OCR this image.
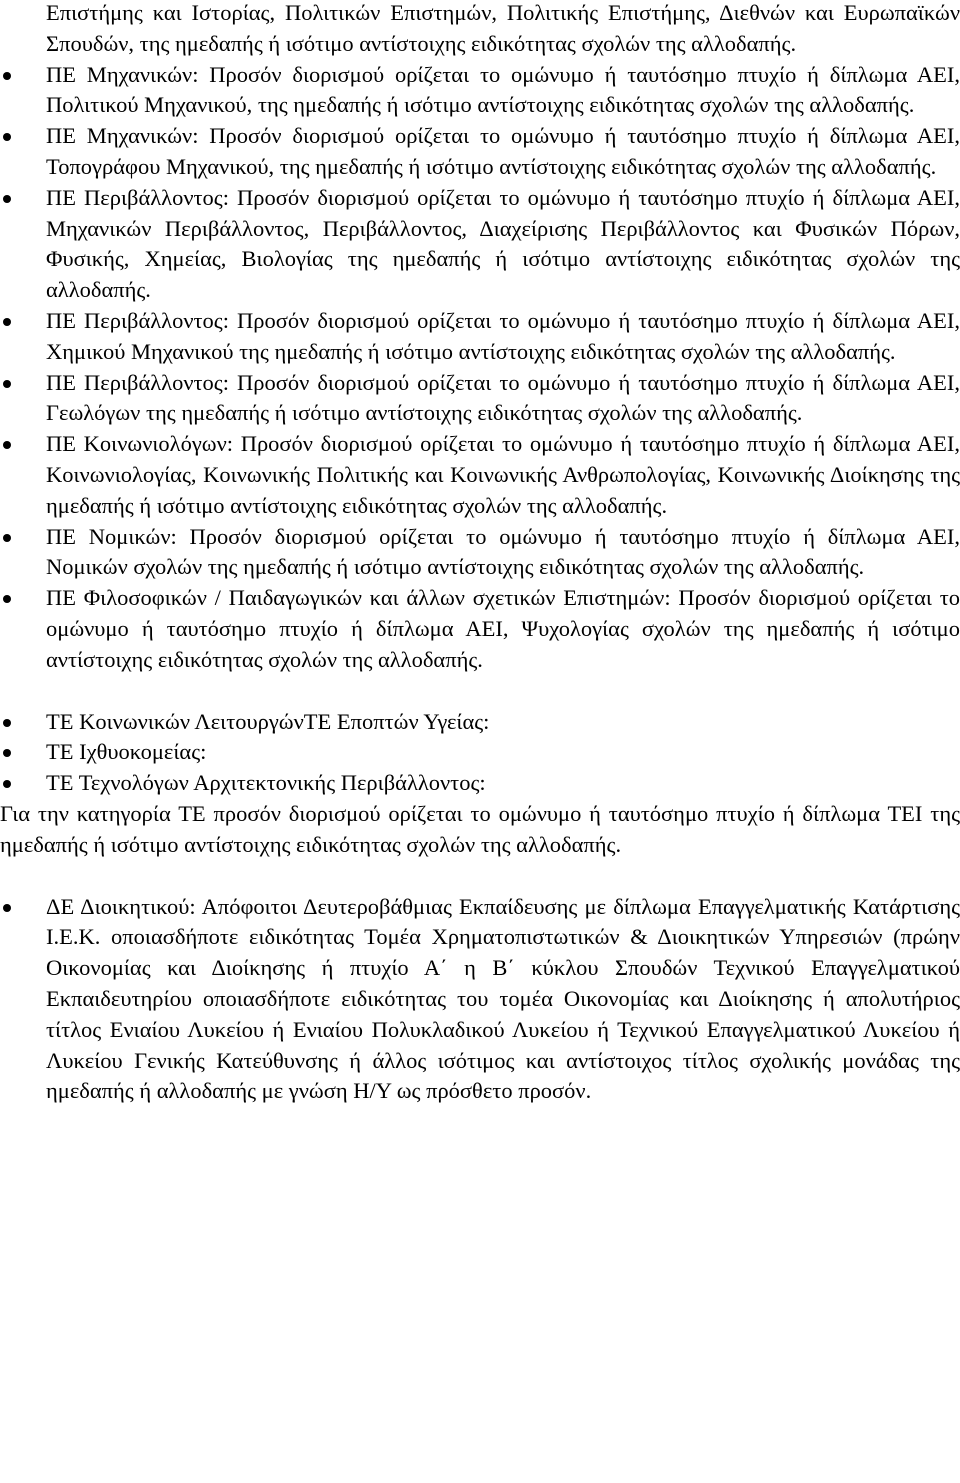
Επιστήμης και Ιστορίας, Πολιτικών Επιστημών, Πολιτικής Επιστήμης, Διεθνών και Ευρωπαϊκών Σπουδών, της ημεδαπής ή ισότιμο αντίστοιχης ειδικότητας σχολών της αλλοδαπής.

ΠΕ Μηχανικών: Προσόν διορισμού ορίζεται το ομώνυμο ή ταυτόσημο πτυχίο ή δίπλωμα ΑΕΙ, Πολιτικού Μηχανικού, της ημεδαπής ή ισότιμο αντίστοιχης ειδικότητας σχολών της αλλοδαπής.
ΠΕ Μηχανικών: Προσόν διορισμού ορίζεται το ομώνυμο ή ταυτόσημο πτυχίο ή δίπλωμα ΑΕΙ, Τοπογράφου Μηχανικού, της ημεδαπής ή ισότιμο αντίστοιχης ειδικότητας σχολών της αλλοδαπής.
ΠΕ Περιβάλλοντος: Προσόν διορισμού ορίζεται το ομώνυμο ή ταυτόσημο πτυχίο ή δίπλωμα ΑΕΙ, Μηχανικών Περιβάλλοντος, Περιβάλλοντος, Διαχείρισης Περιβάλλοντος και Φυσικών Πόρων, Φυσικής, Χημείας, Βιολογίας της ημεδαπής ή ισότιμο αντίστοιχης ειδικότητας σχολών της αλλοδαπής.
ΠΕ Περιβάλλοντος: Προσόν διορισμού ορίζεται το ομώνυμο ή ταυτόσημο πτυχίο ή δίπλωμα ΑΕΙ, Χημικού Μηχανικού της ημεδαπής ή ισότιμο αντίστοιχης ειδικότητας σχολών της αλλοδαπής.
ΠΕ Περιβάλλοντος: Προσόν διορισμού ορίζεται το ομώνυμο ή ταυτόσημο πτυχίο ή δίπλωμα ΑΕΙ, Γεωλόγων της ημεδαπής ή ισότιμο αντίστοιχης ειδικότητας σχολών της αλλοδαπής.
ΠΕ Κοινωνιολόγων: Προσόν διορισμού ορίζεται το ομώνυμο ή ταυτόσημο πτυχίο ή δίπλωμα ΑΕΙ, Κοινωνιολογίας, Κοινωνικής Πολιτικής και Κοινωνικής Ανθρωπολογίας, Κοινωνικής Διοίκησης της ημεδαπής ή ισότιμο αντίστοιχης ειδικότητας σχολών της αλλοδαπής.
ΠΕ Νομικών: Προσόν διορισμού ορίζεται το ομώνυμο ή ταυτόσημο πτυχίο ή δίπλωμα ΑΕΙ, Νομικών σχολών της ημεδαπής ή ισότιμο αντίστοιχης ειδικότητας σχολών της αλλοδαπής.
ΠΕ Φιλοσοφικών / Παιδαγωγικών και άλλων σχετικών Επιστημών: Προσόν διορισμού ορίζεται το ομώνυμο ή ταυτόσημο πτυχίο ή δίπλωμα ΑΕΙ, Ψυχολογίας σχολών της ημεδαπής ή ισότιμο αντίστοιχης ειδικότητας σχολών της αλλοδαπής.
ΤΕ Κοινωνικών ΛειτουργώνΤΕ Εποπτών Υγείας:
ΤΕ Ιχθυοκομείας:
ΤΕ Τεχνολόγων Αρχιτεκτονικής Περιβάλλοντος:

Για την κατηγορία ΤΕ προσόν διορισμού ορίζεται το ομώνυμο ή ταυτόσημο πτυχίο ή δίπλωμα ΤΕΙ της ημεδαπής ή ισότιμο αντίστοιχης ειδικότητας σχολών της αλλοδαπής.

ΔΕ Διοικητικού: Απόφοιτοι Δευτεροβάθμιας Εκπαίδευσης με δίπλωμα Επαγγελματικής Κατάρτισης Ι.Ε.Κ. οποιασδήποτε ειδικότητας Τομέα Χρηματοπιστωτικών & Διοικητικών Υπηρεσιών (πρώην Οικονομίας και Διοίκησης ή πτυχίο Α΄ η Β΄ κύκλου Σπουδών Τεχνικού Επαγγελματικού Εκπαιδευτηρίου οποιασδήποτε ειδικότητας του τομέα Οικονομίας και Διοίκησης ή απολυτήριος τίτλος Ενιαίου Λυκείου ή Ενιαίου Πολυκλαδικού Λυκείου ή Τεχνικού Επαγγελματικού Λυκείου ή Λυκείου Γενικής Κατεύθυνσης ή άλλος ισότιμος και αντίστοιχος τίτλος σχολικής μονάδας της ημεδαπής ή αλλοδαπής με γνώση Η/Υ ως πρόσθετο προσόν.
